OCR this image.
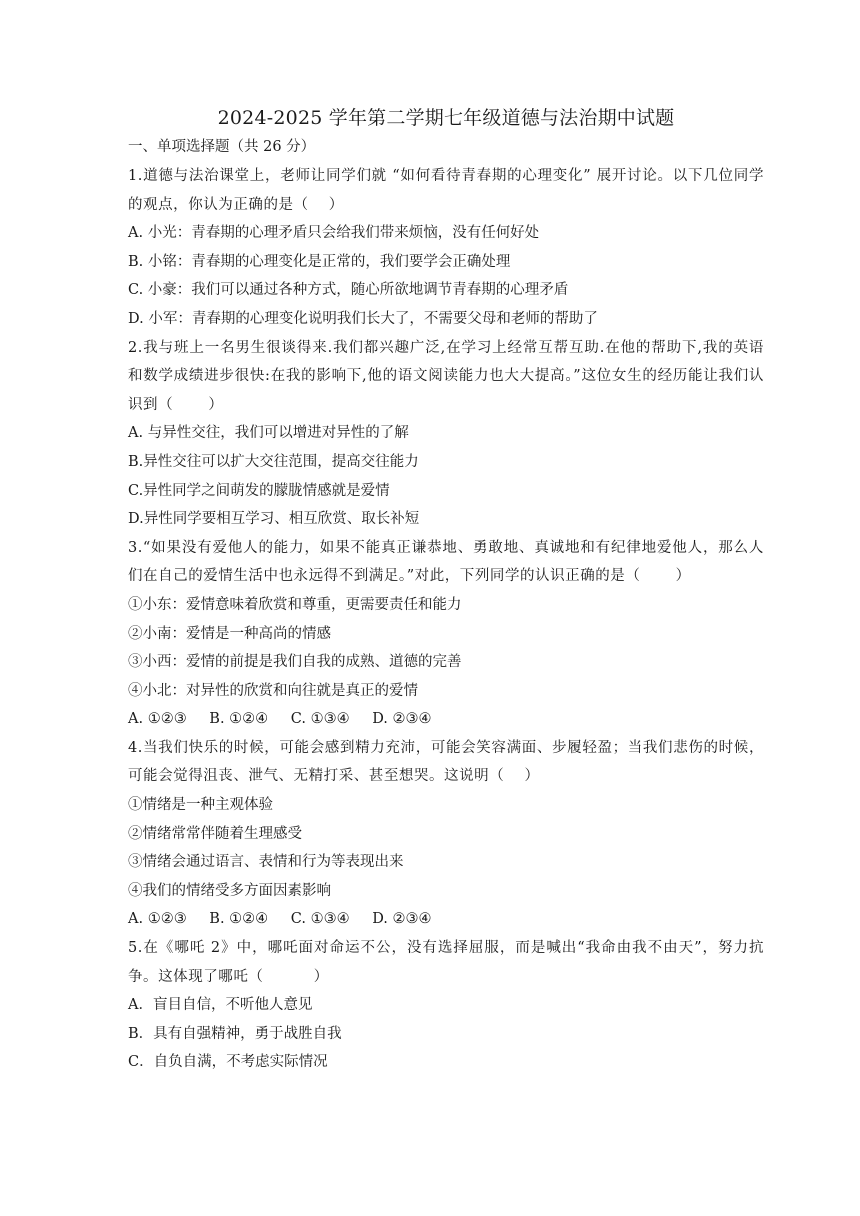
2024-2025 学年第二学期七年级道德与法治期中试题
一、单项选择题（共 26 分）
1.道德与法治课堂上，老师让同学们就 “如何看待青春期的心理变化” 展开讨论。以下几位同学的观点，你认为正确的是（　 ）
A. 小光：青春期的心理矛盾只会给我们带来烦恼，没有任何好处
B. 小铭：青春期的心理变化是正常的，我们要学会正确处理
C. 小豪：我们可以通过各种方式，随心所欲地调节青春期的心理矛盾
D. 小军：青春期的心理变化说明我们长大了，不需要父母和老师的帮助了
2.我与班上一名男生很谈得来.我们都兴趣广泛,在学习上经常互帮互助.在他的帮助下,我的英语和数学成绩进步很快:在我的影响下,他的语文阅读能力也大大提高。”这位女生的经历能让我们认识到（　　 ）
A. 与异性交往，我们可以增进对异性的了解
B.异性交往可以扩大交往范围，提高交往能力
C.异性同学之间萌发的朦胧情感就是爱情
D.异性同学要相互学习、相互欣赏、取长补短
3.“如果没有爱他人的能力，如果不能真正谦恭地、勇敢地、真诚地和有纪律地爱他人，那么人们在自己的爱情生活中也永远得不到满足。”对此，下列同学的认识正确的是（　　 ）
①小东：爱情意味着欣赏和尊重，更需要责任和能力
②小南：爱情是一种高尚的情感
③小西：爱情的前提是我们自我的成熟、道德的完善
④小北：对异性的欣赏和向往就是真正的爱情
A. ①②③ B. ①②④ C. ①③④ D. ②③④
4.当我们快乐的时候，可能会感到精力充沛，可能会笑容满面、步履轻盈；当我们悲伤的时候，可能会觉得沮丧、泄气、无精打采、甚至想哭。这说明（　 ）
①情绪是一种主观体验
②情绪常常伴随着生理感受
③情绪会通过语言、表情和行为等表现出来
④我们的情绪受多方面因素影响
A. ①②③ B. ①②④ C. ①③④ D. ②③④
5.在《哪吒 2》中，哪吒面对命运不公，没有选择屈服，而是喊出“我命由我不由天”，努力抗争。这体现了哪吒（　　　 ）
A．盲目自信，不听他人意见
B．具有自强精神，勇于战胜自我
C．自负自满，不考虑实际情况
